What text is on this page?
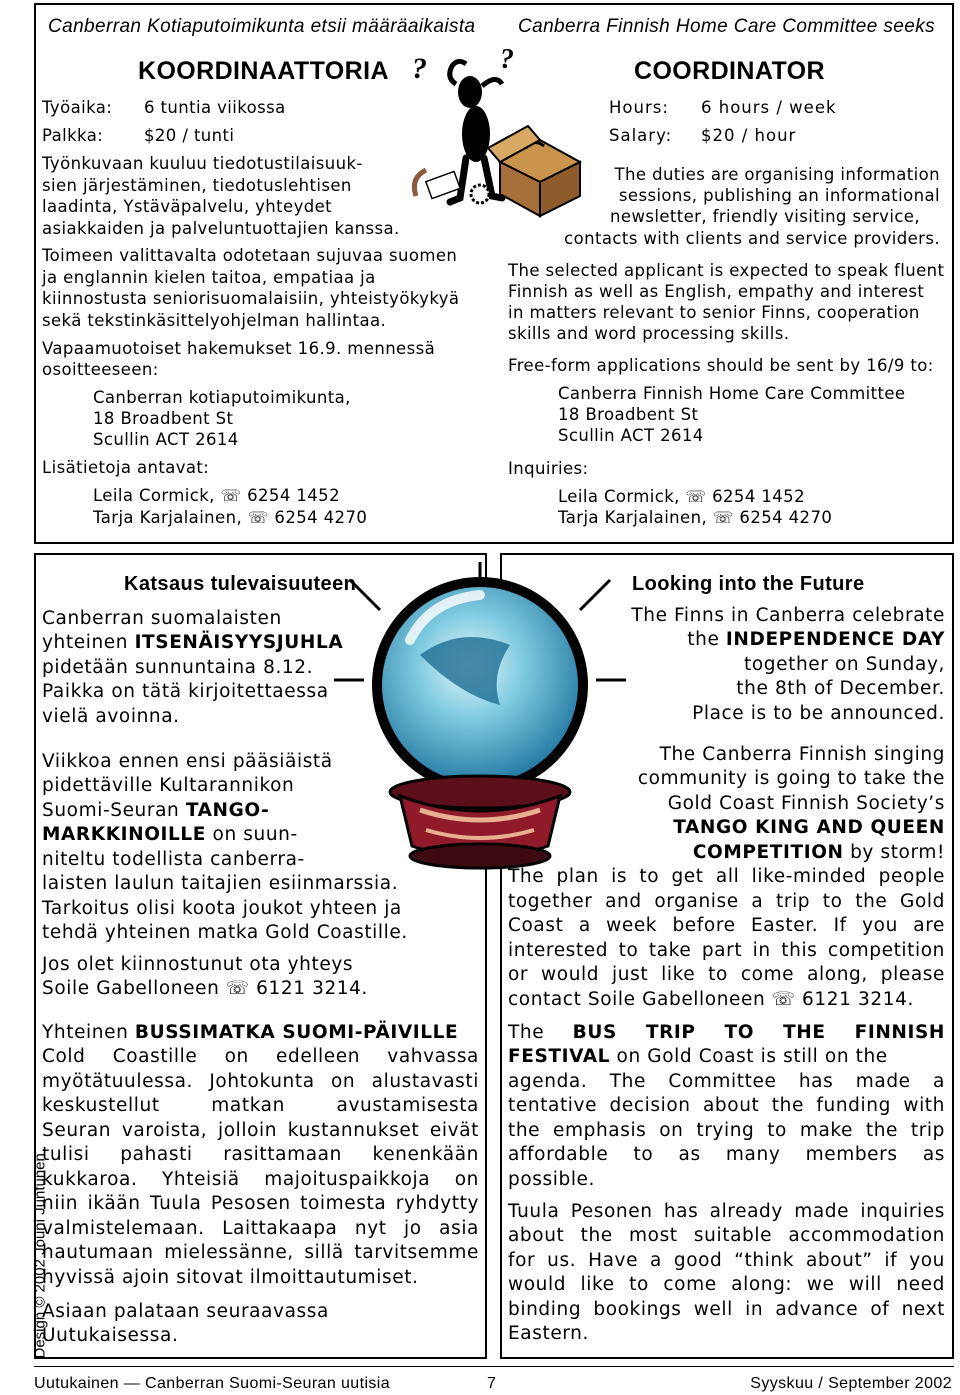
Canberran Kotiaputoimikunta etsii määräaikaista
KOORDINAATTORIA
Canberra Finnish Home Care Committee seeks
COORDINATOR
Työaika: 6 tuntia viikossa
Palkka: $20 / tunti
Työnkuvaan kuuluu tiedotustilaisuuk-
sien järjestäminen, tiedotuslehtisen
laadinta, Ystäväpalvelu, yhteydet
asiakkaiden ja palveluntuottajien kanssa.
Toimeen valittavalta odotetaan sujuvaa suomen
ja englannin kielen taitoa, empatiaa ja
kiinnostusta seniorisuomalaisiin, yhteistyökykyä
sekä tekstinkäsittelyohjelman hallintaa.
Vapaamuotoiset hakemukset 16.9. mennessä
osoitteeseen:
Canberran kotiaputoimikunta,
18 Broadbent St
Scullin ACT 2614
Lisätietoja antavat:
Leila Cormick, ☏ 6254 1452
Tarja Karjalainen, ☏ 6254 4270
?	?
Hours: 6 hours / week
Salary: $20 / hour
The duties are organising information
sessions, publishing an informational
newsletter, friendly visiting service,
contacts with clients and service providers.
The selected applicant is expected to speak fluent
Finnish as well as English, empathy and interest
in matters relevant to senior Finns, cooperation
skills and word processing skills.
Free-form applications should be sent by 16/9 to:
Canberra Finnish Home Care Committee
18 Broadbent St
Scullin ACT 2614
Inquiries:
Leila Cormick, ☏ 6254 1452
Tarja Karjalainen, ☏ 6254 4270
Katsaus tulevaisuuteen
Canberran suomalaisten
yhteinen ITSENÄISYYSJUHLA
pidetään sunnuntaina 8.12.
Paikka on tätä kirjoitettaessa
vielä avoinna.
Viikkoa ennen ensi pääsiäistä
pidettäville Kultarannikon
Suomi-Seuran TANGO-
MARKKINOILLE on suun-
niteltu todellista canberra-
laisten laulun taitajien esiinmarssia.
Tarkoitus olisi koota joukot yhteen ja
tehdä yhteinen matka Gold Coastille.
Jos olet kiinnostunut ota yhteys
Soile Gabelloneen ☏ 6121 3214.
Yhteinen BUSSIMATKA SUOMI-PÄIVILLE
Cold Coastille on edelleen vahvassa
myötätuulessa. Johtokunta on alustavasti
keskustellut matkan avustamisesta
Seuran varoista, jolloin kustannukset eivät
tulisi pahasti rasittamaan kenenkään
kukkaroa. Yhteisiä majoituspaikkoja on
niin ikään Tuula Pesosen toimesta ryhdytty
valmistelemaan. Laittakaapa nyt jo asia
hautumaan mielessänne, sillä tarvitsemme
hyvissä ajoin sitovat ilmoittautumiset.
Asiaan palataan seuraavassa
Uutukaisessa.
Looking into the Future
The Finns in Canberra celebrate
the INDEPENDENCE DAY
together on Sunday,
the 8th of December.
Place is to be announced.
The Canberra Finnish singing
community is going to take the
Gold Coast Finnish Society’s
TANGO KING AND QUEEN
COMPETITION by storm!
The plan is to get all like-minded people
together and organise a trip to the Gold
Coast a week before Easter. If you are
interested to take part in this competition
or would just like to come along, please
contact Soile Gabelloneen ☏ 6121 3214.
The BUS TRIP TO THE FINNISH
FESTIVAL on Gold Coast is still on the
agenda. The Committee has made a
tentative decision about the funding with
the emphasis on trying to make the trip
affordable to as many members as
possible.
Tuula Pesonen has already made inquiries
about the most suitable accommodation
for us. Have a good “think about” if you
would like to come along: we will need
binding bookings well in advance of next
Eastern.
Design © 2002 Jouni Juntunen
Uutukainen — Canberran Suomi-Seuran uutisia	7	Syyskuu / September 2002
